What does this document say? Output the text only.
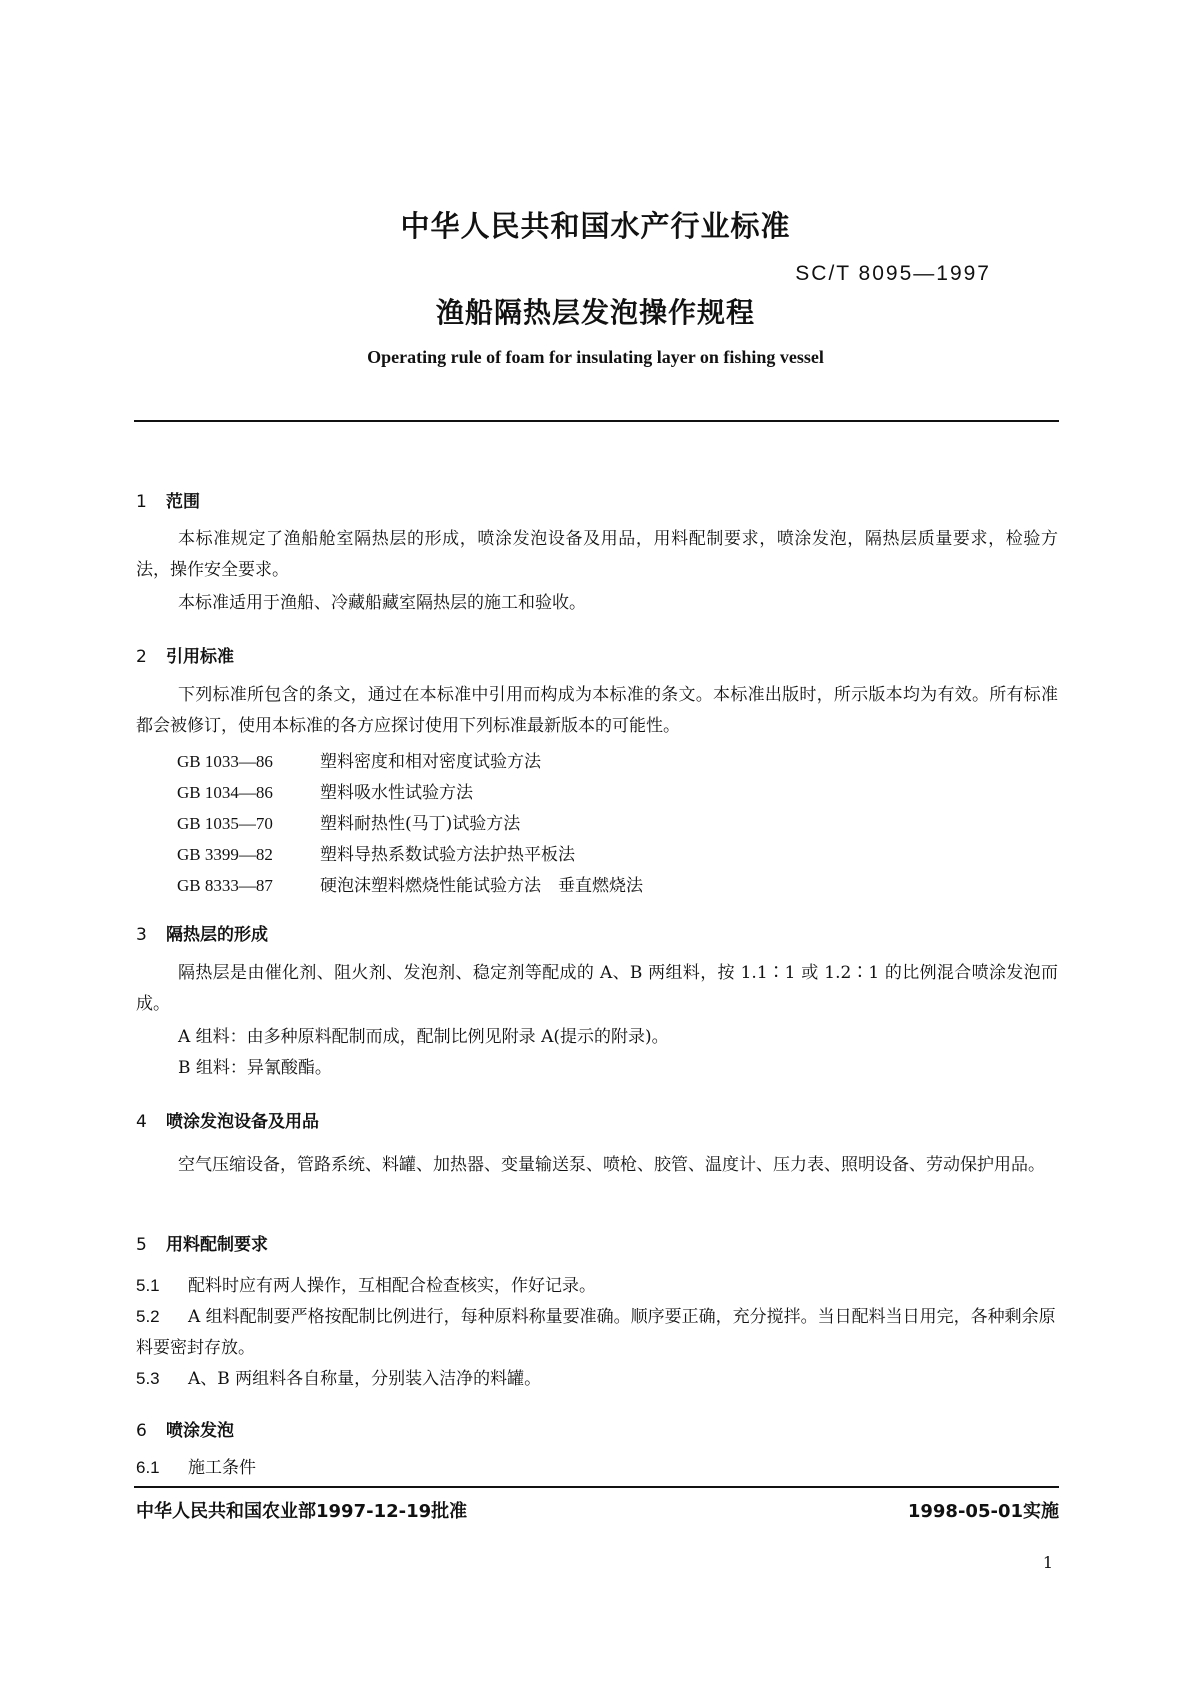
中华人民共和国水产行业标准
SC/T 8095—1997
渔船隔热层发泡操作规程
Operating rule of foam for insulating layer on fishing vessel
1 范围
本标准规定了渔船舱室隔热层的形成，喷涂发泡设备及用品，用料配制要求，喷涂发泡，隔热层质量要求，检验方法，操作安全要求。
本标准适用于渔船、冷藏船藏室隔热层的施工和验收。
2 引用标准
下列标准所包含的条文，通过在本标准中引用而构成为本标准的条文。本标准出版时，所示版本均为有效。所有标准都会被修订，使用本标准的各方应探讨使用下列标准最新版本的可能性。
GB 1033—86	塑料密度和相对密度试验方法
GB 1034—86	塑料吸水性试验方法
GB 1035—70	塑料耐热性(马丁)试验方法
GB 3399—82	塑料导热系数试验方法护热平板法
GB 8333—87	硬泡沫塑料燃烧性能试验方法　垂直燃烧法
3 隔热层的形成
隔热层是由催化剂、阻火剂、发泡剂、稳定剂等配成的 A、B 两组料，按 1.1∶1 或 1.2∶1 的比例混合喷涂发泡而成。
A 组料：由多种原料配制而成，配制比例见附录 A(提示的附录)。
B 组料：异氰酸酯。
4 喷涂发泡设备及用品
空气压缩设备，管路系统、料罐、加热器、变量输送泵、喷枪、胶管、温度计、压力表、照明设备、劳动保护用品。
5 用料配制要求
5.1 配料时应有两人操作，互相配合检查核实，作好记录。
5.2 A 组料配制要严格按配制比例进行，每种原料称量要准确。顺序要正确，充分搅拌。当日配料当日用完，各种剩余原料要密封存放。
5.3 A、B 两组料各自称量，分别装入洁净的料罐。
6 喷涂发泡
6.1 施工条件
中华人民共和国农业部1997-12-19批准	1998-05-01实施
1
